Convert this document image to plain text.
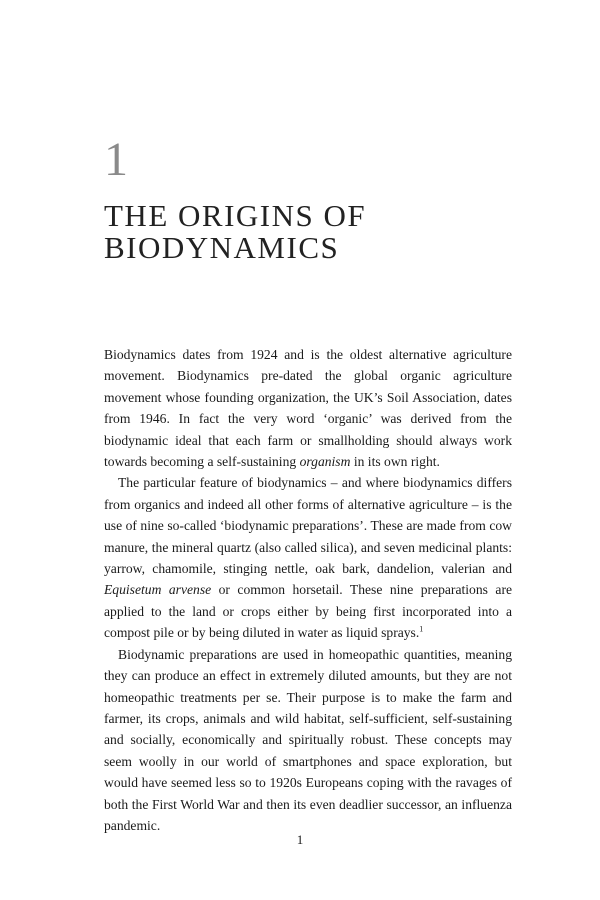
1
THE ORIGINS OF
BIODYNAMICS

Biodynamics dates from 1924 and is the oldest alternative agriculture movement. Biodynamics pre-dated the global organic agriculture movement whose founding organization, the UK’s Soil Association, dates from 1946. In fact the very word ‘organic’ was derived from the biodynamic ideal that each farm or smallholding should always work towards becoming a self-sustaining organism in its own right.

The particular feature of biodynamics – and where biodynamics differs from organics and indeed all other forms of alternative agriculture – is the use of nine so-called ‘biodynamic preparations’. These are made from cow manure, the mineral quartz (also called silica), and seven medicinal plants: yarrow, chamomile, stinging nettle, oak bark, dandelion, valerian and Equisetum arvense or common horsetail. These nine preparations are applied to the land or crops either by being first incorporated into a compost pile or by being diluted in water as liquid sprays.$^1$

Biodynamic preparations are used in homeopathic quantities, meaning they can produce an effect in extremely diluted amounts, but they are not homeopathic treatments per se. Their purpose is to make the farm and farmer, its crops, animals and wild habitat, self-sufficient, self-sustaining and socially, economically and spiritually robust. These concepts may seem woolly in our world of smartphones and space exploration, but would have seemed less so to 1920s Europeans coping with the ravages of both the First World War and then its even deadlier successor, an influenza pandemic.

1
